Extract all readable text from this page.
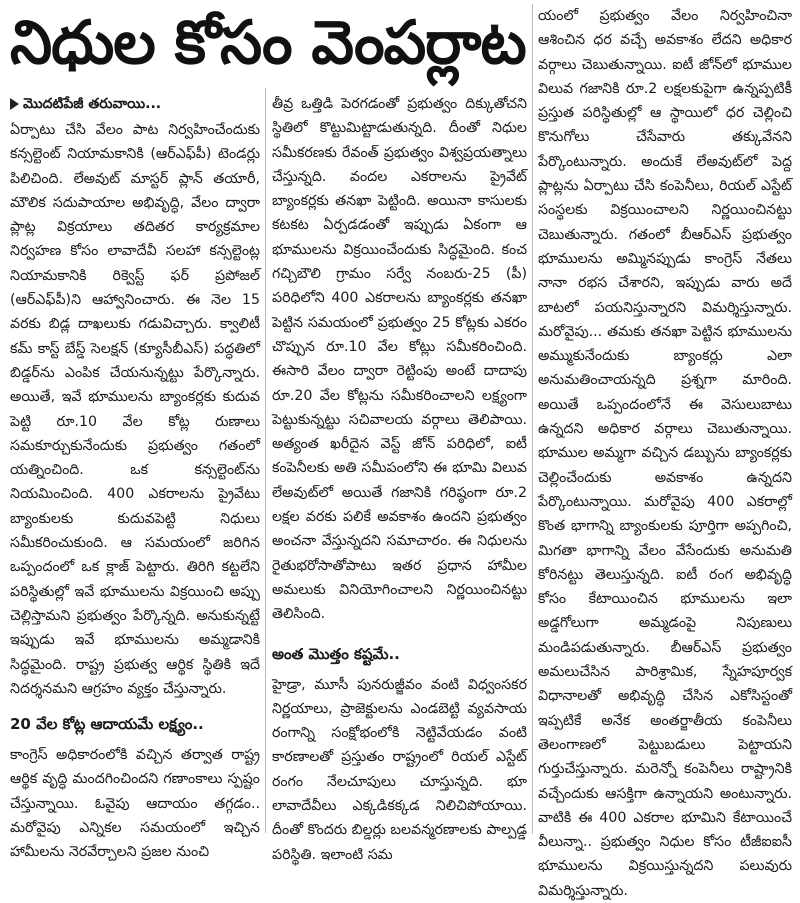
నిధుల కోసం వెంపర్లాట
మొదటిపేజీ తరువాయి...

ఏర్పాటు చేసి వేలం పాట నిర్వహించేందుకు కన్సల్టెంట్ నియామకానికి (ఆర్ఎఫ్‌పీ) టెండర్లు పిలిచింది. లేఅవుట్ మాస్టర్ ప్లాన్ తయారీ, మౌలిక సదుపాయాల అభివృద్ధి, వేలం ద్వారా ప్లాట్ల విక్రయాలు తదితర కార్యక్రమాల నిర్వహణ కోసం లావాదేవీ సలహా కన్సల్టెంట్ల నియామకానికి రిక్వెస్ట్ ఫర్ ప్రపోజల్ (ఆర్ఎఫ్‌పీ)ని ఆహ్వానించారు. ఈ నెల 15 వరకు బిడ్ల దాఖలుకు గడువిచ్చారు. క్వాలిటీ కమ్ కాస్ట్ బేస్డ్ సెలక్షన్ (క్యూసీబీఎస్) పద్ధతిలో బిడ్డర్‌ను ఎంపిక చేయనున్నట్టు పేర్కొన్నారు. అయితే, ఇవే భూములను బ్యాంకర్లకు కుదువ పెట్టి రూ.10 వేల కోట్ల రుణాలు సమకూర్చుకునేందుకు ప్రభుత్వం గతంలో యత్నించింది. ఒక కన్సల్టెంట్‌ను నియమించింది. 400 ఎకరాలను ప్రైవేటు బ్యాంకులకు కుదువపెట్టి నిధులు సమీకరించుకుంది. ఆ సమయంలో జరిగిన ఒప్పందంలో ఒక క్లాజ్ పెట్టారు. తిరిగి కట్టలేని పరిస్థితుల్లో ఇవే భూములను విక్రయించి అప్పు చెల్లిస్తామని ప్రభుత్వం పేర్కొన్నది. అనుకున్నట్టే ఇప్పుడు ఇవే భూములను అమ్మడానికి సిద్ధమైంది. రాష్ట్ర ప్రభుత్వ ఆర్థిక స్థితికి ఇదే నిదర్శనమని ఆగ్రహం వ్యక్తం చేస్తున్నారు.

20 వేల కోట్ల ఆదాయమే లక్ష్యం..

కాంగ్రెస్ అధికారంలోకి వచ్చిన తర్వాత రాష్ట్ర ఆర్థిక వృద్ధి మందగించిందని గణాంకాలు స్పష్టం చేస్తున్నాయి. ఓవైపు ఆదాయం తగ్గడం.. మరోవైపు ఎన్నికల సమయంలో ఇచ్చిన హామీలను నెరవేర్చాలని ప్రజల నుంచి

తీవ్ర ఒత్తిడి పెరగడంతో ప్రభుత్వం దిక్కుతోచని స్థితిలో కొట్టుమిట్టాడుతున్నది. దీంతో నిధుల సమీకరణకు రేవంత్ ప్రభుత్వం విశ్వప్రయత్నాలు చేస్తున్నది. వందల ఎకరాలను ప్రైవేట్ బ్యాంకర్లకు తనఖా పెట్టింది. అయినా కాసులకు కటకట ఏర్పడడంతో ఇప్పుడు ఏకంగా ఆ భూములను విక్రయించేందుకు సిద్ధమైంది. కంచ గచ్చిబౌలి గ్రామం సర్వే నంబరు-25 (పీ) పరిధిలోని 400 ఎకరాలను బ్యాంకర్లకు తనఖా పెట్టిన సమయంలో ప్రభుత్వం 25 కోట్లకు ఎకరం చొప్పున రూ.10 వేల కోట్లు సమీకరించింది. ఈసారి వేలం ద్వారా రెట్టింపు అంటే దాదాపు రూ.20 వేల కోట్లను సమీకరించాలని లక్ష్యంగా పెట్టుకున్నట్టు సచివాలయ వర్గాలు తెలిపాయి. అత్యంత ఖరీదైన వెస్ట్ జోన్ పరిధిలో, ఐటీ కంపెనీలకు అతి సమీపంలోని ఈ భూమి విలువ లేఅవుట్‌లో అయితే గజానికి గరిష్ఠంగా రూ.2 లక్షల వరకు పలికే అవకాశం ఉందని ప్రభుత్వం అంచనా వేస్తున్నదని సమాచారం. ఈ నిధులను రైతుభరోసాతోపాటు ఇతర ప్రధాన హామీల అమలుకు వినియోగించాలని నిర్ణయించినట్టు తెలిసింది.

అంత మొత్తం కష్టమే..

హైడ్రా, మూసీ పునరుజ్జీవం వంటి విధ్వంసకర నిర్ణయాలు, ప్రాజెక్టులను ఎండబెట్టి వ్యవసాయ రంగాన్ని సంక్షోభంలోకి నెట్టివేయడం వంటి కారణాలతో ప్రస్తుతం రాష్ట్రంలో రియల్ ఎస్టేట్ రంగం నేలచూపులు చూస్తున్నది. భూ లావాదేవీలు ఎక్కడికక్కడ నిలిచిపోయాయి. దీంతో కొందరు బిల్డర్లు బలవన్మరణాలకు పాల్పడ్డ పరిస్థితి. ఇలాంటి సమ

యంలో ప్రభుత్వం వేలం నిర్వహించినా ఆశించిన ధర వచ్చే అవకాశం లేదని అధికార వర్గాలు చెబుతున్నాయి. ఐటీ జోన్‌లో భూముల విలువ గజానికి రూ.2 లక్షలకుపైగా ఉన్నప్పటికీ ప్రస్తుత పరిస్థితుల్లో ఆ స్థాయిలో ధర చెల్లించి కొనుగోలు చేసేవారు తక్కువేనని పేర్కొంటున్నారు. అందుకే లేఅవుట్‌లో పెద్ద ప్లాట్లను ఏర్పాటు చేసి కంపెనీలు, రియల్ ఎస్టేట్ సంస్థలకు విక్రయించాలని నిర్ణయించినట్టు చెబుతున్నారు. గతంలో బీఆర్ఎస్ ప్రభుత్వం భూములను అమ్మినప్పుడు కాంగ్రెస్ నేతలు నానా రభస చేశారని, ఇప్పుడు వారు అదే బాటలో పయనిస్తున్నారని విమర్శిస్తున్నారు. మరోవైపు... తమకు తనఖా పెట్టిన భూములను అమ్ముకునేందుకు బ్యాంకర్లు ఎలా అనుమతించాయన్నది ప్రశ్నగా మారింది. అయితే ఒప్పందంలోనే ఈ వెసులుబాటు ఉన్నదని అధికార వర్గాలు చెబుతున్నాయి. భూముల అమ్మగా వచ్చిన డబ్బును బ్యాంకర్లకు చెల్లించేందుకు అవకాశం ఉన్నదని పేర్కొంటున్నాయి. మరోవైపు 400 ఎకరాల్లో కొంత భాగాన్ని బ్యాంకులకు పూర్తిగా అప్పగించి, మిగతా భాగాన్ని వేలం వేసేందుకు అనుమతి కోరినట్టు తెలుస్తున్నది. ఐటీ రంగ అభివృద్ధి కోసం కేటాయించిన భూములను ఇలా అడ్డగోలుగా అమ్మడంపై నిపుణులు మండిపడుతున్నారు. బీఆర్ఎస్ ప్రభుత్వం అమలుచేసిన పారిశ్రామిక, స్నేహపూర్వక విధానాలతో అభివృద్ధి చేసిన ఎకోసిస్టంతో ఇప్పటికే అనేక అంతర్జాతీయ కంపెనీలు తెలంగాణలో పెట్టుబడులు పెట్టాయని గుర్తుచేస్తున్నారు. మరెన్నో కంపెనీలు రాష్ట్రానికి వచ్చేందుకు ఆసక్తిగా ఉన్నాయని అంటున్నారు. వాటికి ఈ 400 ఎకరాల భూమిని కేటాయించే వీలున్నా.. ప్రభుత్వం నిధుల కోసం టీజీఐఐసీ భూములను విక్రయిస్తున్నదని పలువురు విమర్శిస్తున్నారు.
